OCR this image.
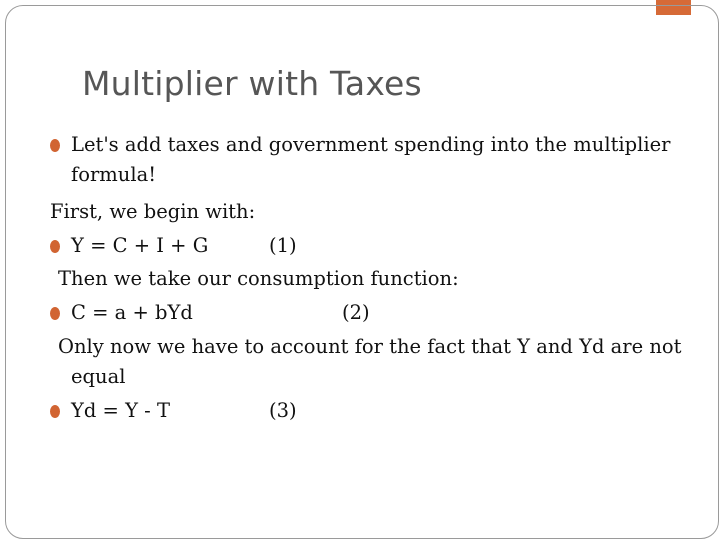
Multiplier with Taxes
Let's add taxes and government spending into the multiplier
formula!
First, we begin with:
Y = C + I + G	(1)
Then we take our consumption function:
C = a + bYd	(2)
Only now we have to account for the fact that Y and Yd are not
equal
Yd = Y - T	(3)
